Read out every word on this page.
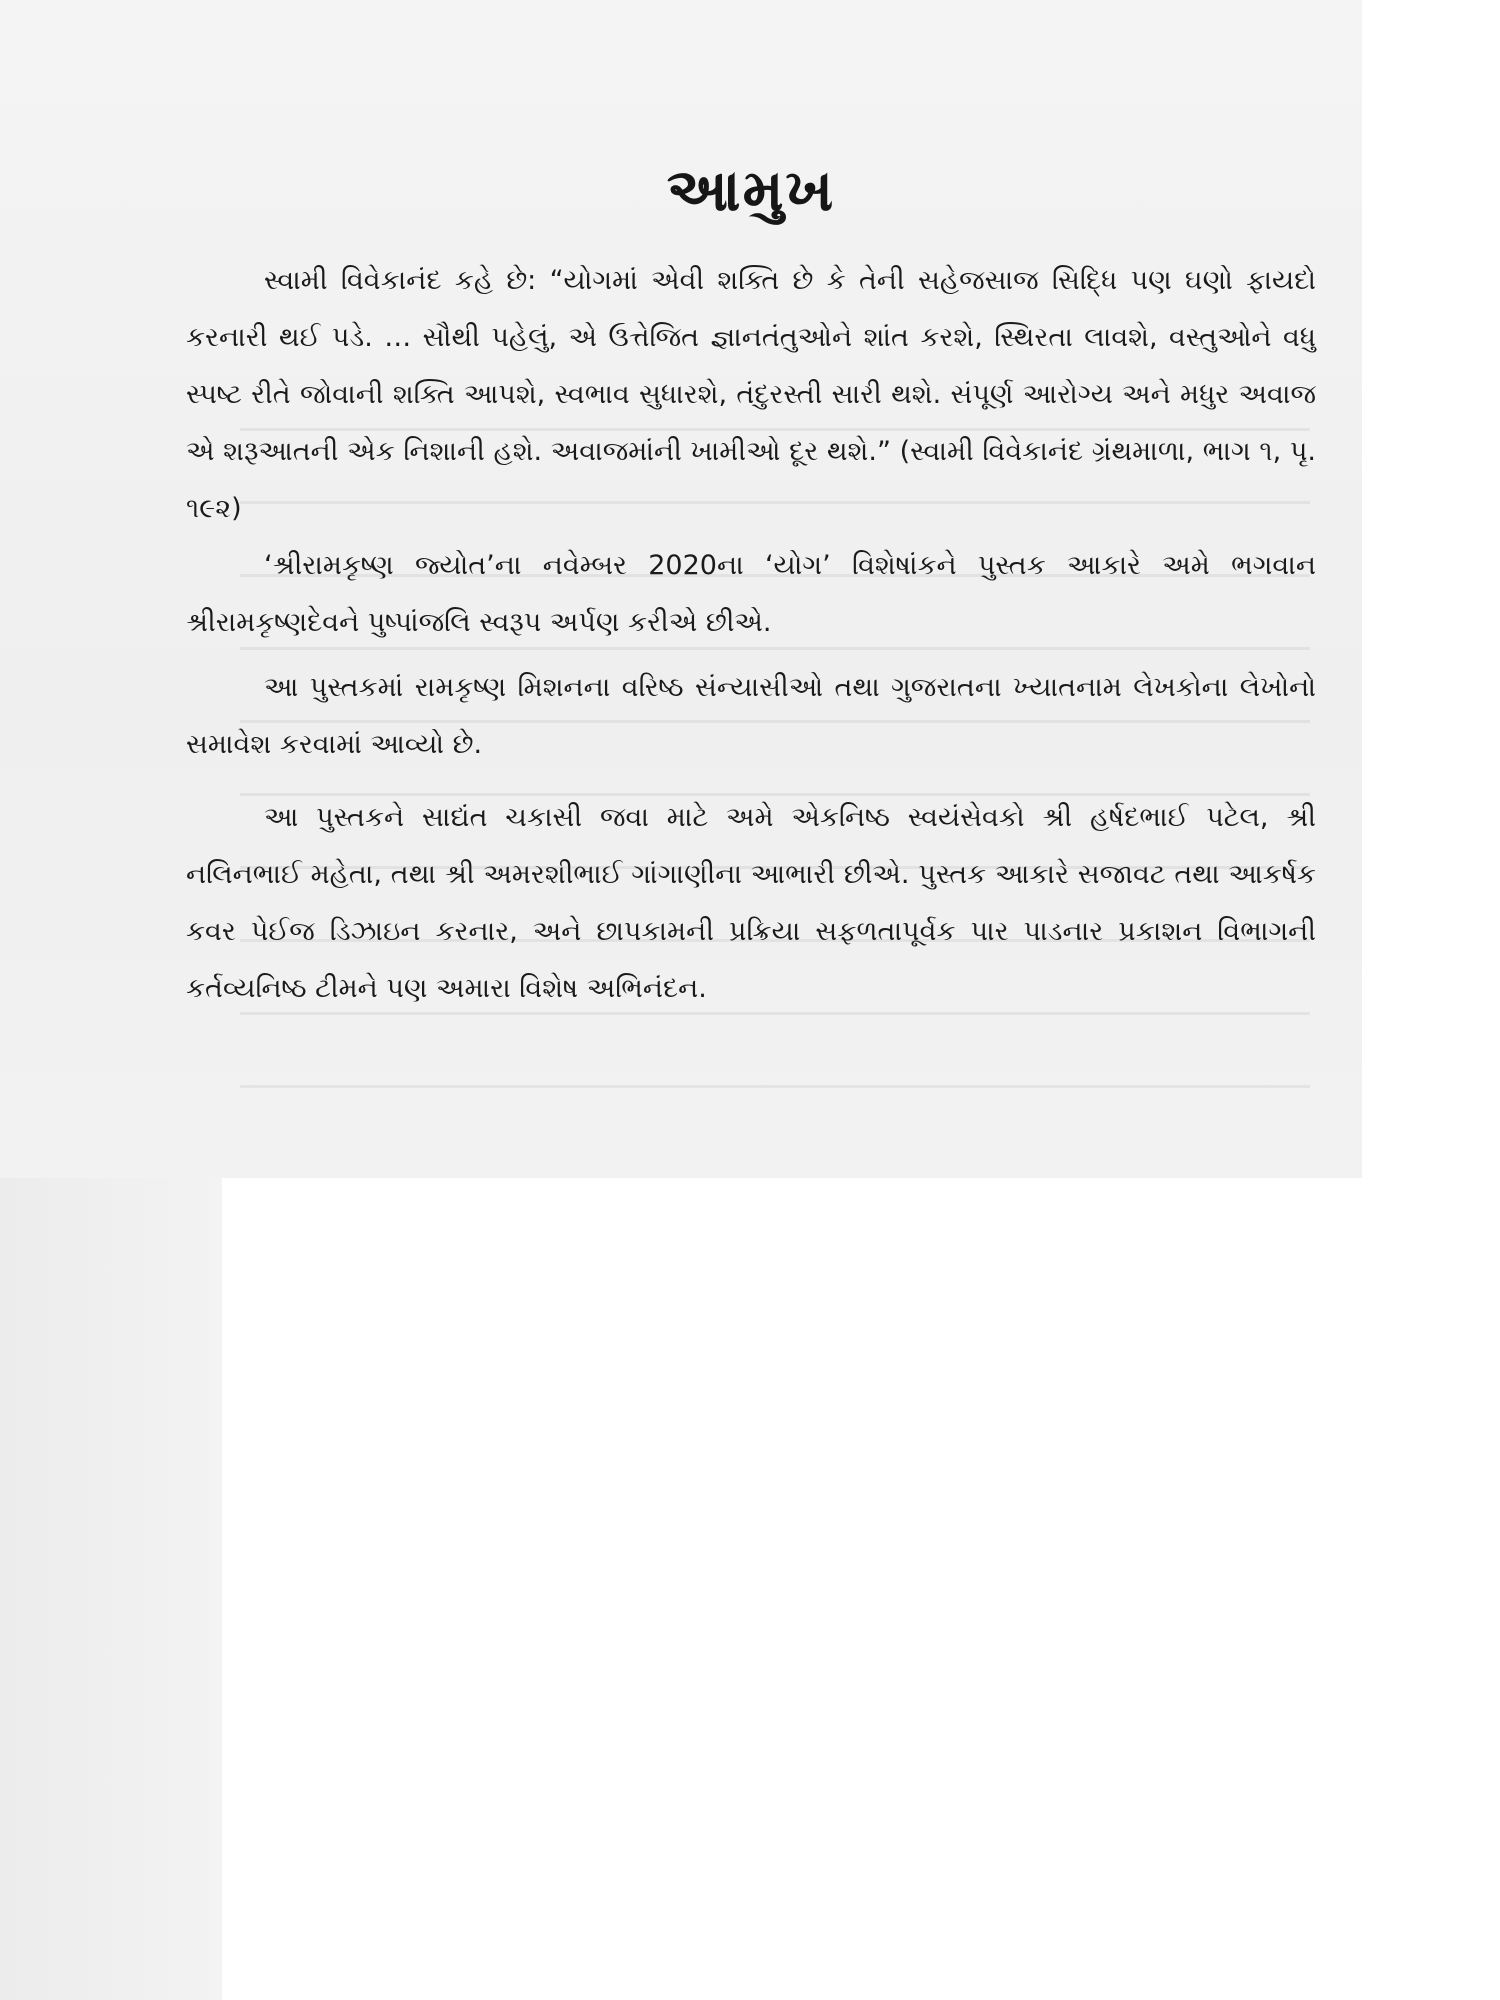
આમુખ

સ્વામી વિવેકાનંદ કહે છે: “યોગમાં એવી શક્તિ છે કે તેની સહેજસાજ સિદ્ધિ પણ ઘણો ફાયદો કરનારી થઈ પડે. … સૌથી પહેલું, એ ઉત્તેજિત જ્ઞાનતંતુઓને શાંત કરશે, સ્થિરતા લાવશે, વસ્તુઓને વધુ સ્પષ્ટ રીતે જોવાની શક્તિ આપશે, સ્વભાવ સુધારશે, તંદુરસ્તી સારી થશે. સંપૂર્ણ આરોગ્ય અને મધુર અવાજ એ શરૂઆતની એક નિશાની હશે. અવાજમાંની ખામીઓ દૂર થશે.” (સ્વામી વિવેકાનંદ ગ્રંથમાળા, ભાગ ૧, પૃ. ૧૯૨)

‘શ્રીરામકૃષ્ણ જ્યોત’ના નવેમ્બર 2020ના ‘યોગ’ વિશેષાંકને પુસ્તક આકારે અમે ભગવાન શ્રીરામકૃષ્ણદેવને પુષ્પાંજલિ સ્વરૂપ અર્પણ કરીએ છીએ.

આ પુસ્તકમાં રામકૃષ્ણ મિશનના વરિષ્ઠ સંન્યાસીઓ તથા ગુજરાતના ખ્યાતનામ લેખકોના લેખોનો સમાવેશ કરવામાં આવ્યો છે.

આ પુસ્તકને સાદ્યંત ચકાસી જવા માટે અમે એકનિષ્ઠ સ્વયંસેવકો શ્રી હર્ષદભાઈ પટેલ, શ્રી નલિનભાઈ મહેતા, તથા શ્રી અમરશીભાઈ ગાંગાણીના આભારી છીએ. પુસ્તક આકારે સજાવટ તથા આકર્ષક કવર પેઈજ ડિઝાઇન કરનાર, અને છાપકામની પ્રક્રિયા સફળતાપૂર્વક પાર પાડનાર પ્રકાશન વિભાગની કર્તવ્યનિષ્ઠ ટીમને પણ અમારા વિશેષ અભિનંદન.
